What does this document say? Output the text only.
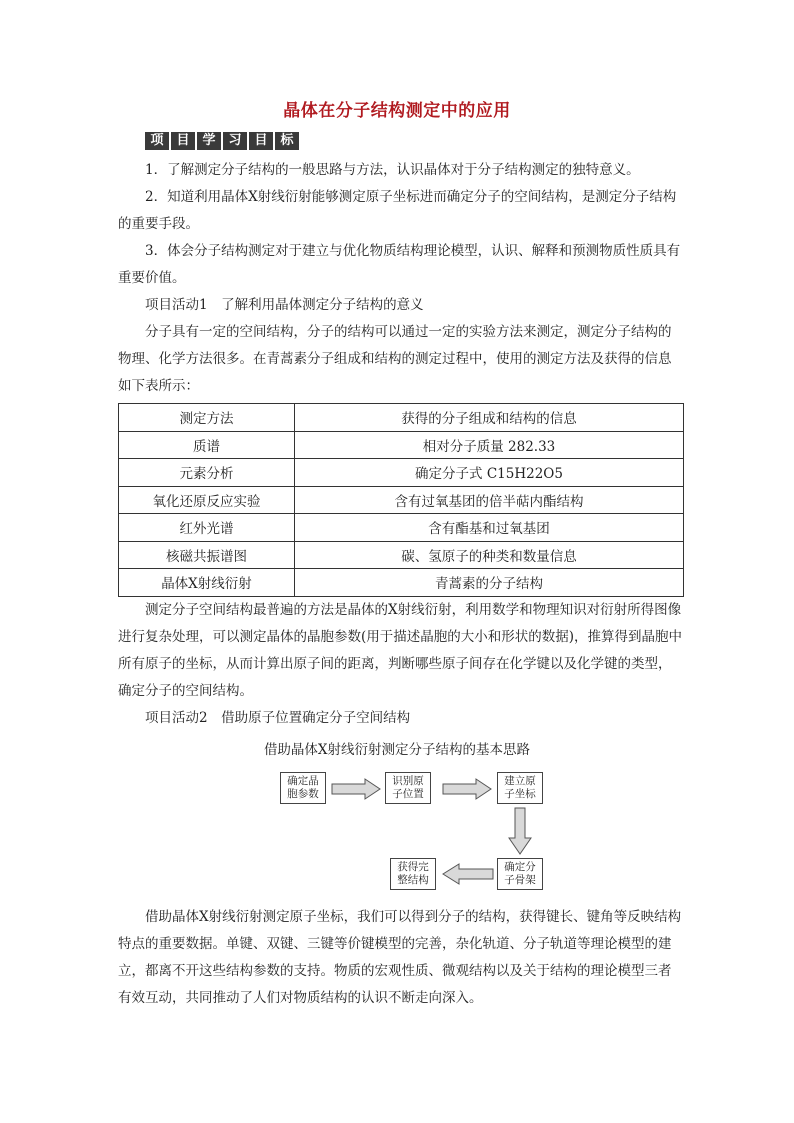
晶体在分子结构测定中的应用
项 目 学 习 目 标

1．了解测定分子结构的一般思路与方法，认识晶体对于分子结构测定的独特意义。

2．知道利用晶体X射线衍射能够测定原子坐标进而确定分子的空间结构，是测定分子结构的重要手段。

3．体会分子结构测定对于建立与优化物质结构理论模型，认识、解释和预测物质性质具有重要价值。

项目活动1　了解利用晶体测定分子结构的意义

分子具有一定的空间结构，分子的结构可以通过一定的实验方法来测定，测定分子结构的物理、化学方法很多。在青蒿素分子组成和结构的测定过程中，使用的测定方法及获得的信息如下表所示：

测定方法	获得的分子组成和结构的信息
质谱	相对分子质量 282.33
元素分析	确定分子式 C15H22O5
氧化还原反应实验	含有过氧基团的倍半萜内酯结构
红外光谱	含有酯基和过氧基团
核磁共振谱图	碳、氢原子的种类和数量信息
晶体X射线衍射	青蒿素的分子结构

测定分子空间结构最普遍的方法是晶体的X射线衍射，利用数学和物理知识对衍射所得图像进行复杂处理，可以测定晶体的晶胞参数(用于描述晶胞的大小和形状的数据)，推算得到晶胞中所有原子的坐标，从而计算出原子间的距离，判断哪些原子间存在化学键以及化学键的类型，确定分子的空间结构。

项目活动2　借助原子位置确定分子空间结构

借助晶体X射线衍射测定分子结构的基本思路
确定晶胞参数
识别原子位置
建立原子坐标
确定分子骨架
获得完整结构

借助晶体X射线衍射测定原子坐标，我们可以得到分子的结构，获得键长、键角等反映结构特点的重要数据。单键、双键、三键等价键模型的完善，杂化轨道、分子轨道等理论模型的建立，都离不开这些结构参数的支持。物质的宏观性质、微观结构以及关于结构的理论模型三者有效互动，共同推动了人们对物质结构的认识不断走向深入。
